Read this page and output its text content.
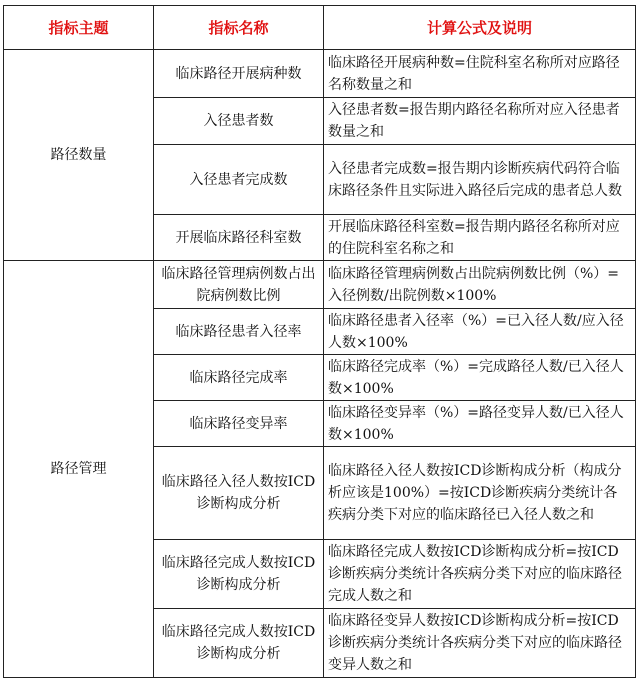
指标主题	指标名称	计算公式及说明
路径数量	临床路径开展病种数	临床路径开展病种数=住院科室名称所对应路径名称数量之和
	入径患者数	入径患者数=报告期内路径名称所对应入径患者数量之和
	入径患者完成数	入径患者完成数=报告期内诊断疾病代码符合临床路径条件且实际进入路径后完成的患者总人数
	开展临床路径科室数	开展临床路径科室数=报告期内路径名称所对应的住院科室名称之和
路径管理	临床路径管理病例数占出院病例数比例	临床路径管理病例数占出院病例数比例（%）=入径例数/出院例数×100%
	临床路径患者入径率	临床路径患者入径率（%）=已入径人数/应入径人数×100%
	临床路径完成率	临床路径完成率（%）=完成路径人数/已入径人数×100%
	临床路径变异率	临床路径变异率（%）=路径变异人数/已入径人数×100%
	临床路径入径人数按ICD诊断构成分析	临床路径入径人数按ICD诊断构成分析（构成分析应该是100%）=按ICD诊断疾病分类统计各疾病分类下对应的临床路径已入径人数之和
	临床路径完成人数按ICD诊断构成分析	临床路径完成人数按ICD诊断构成分析=按ICD诊断疾病分类统计各疾病分类下对应的临床路径完成人数之和
	临床路径完成人数按ICD诊断构成分析	临床路径变异人数按ICD诊断构成分析=按ICD诊断疾病分类统计各疾病分类下对应的临床路径变异人数之和
